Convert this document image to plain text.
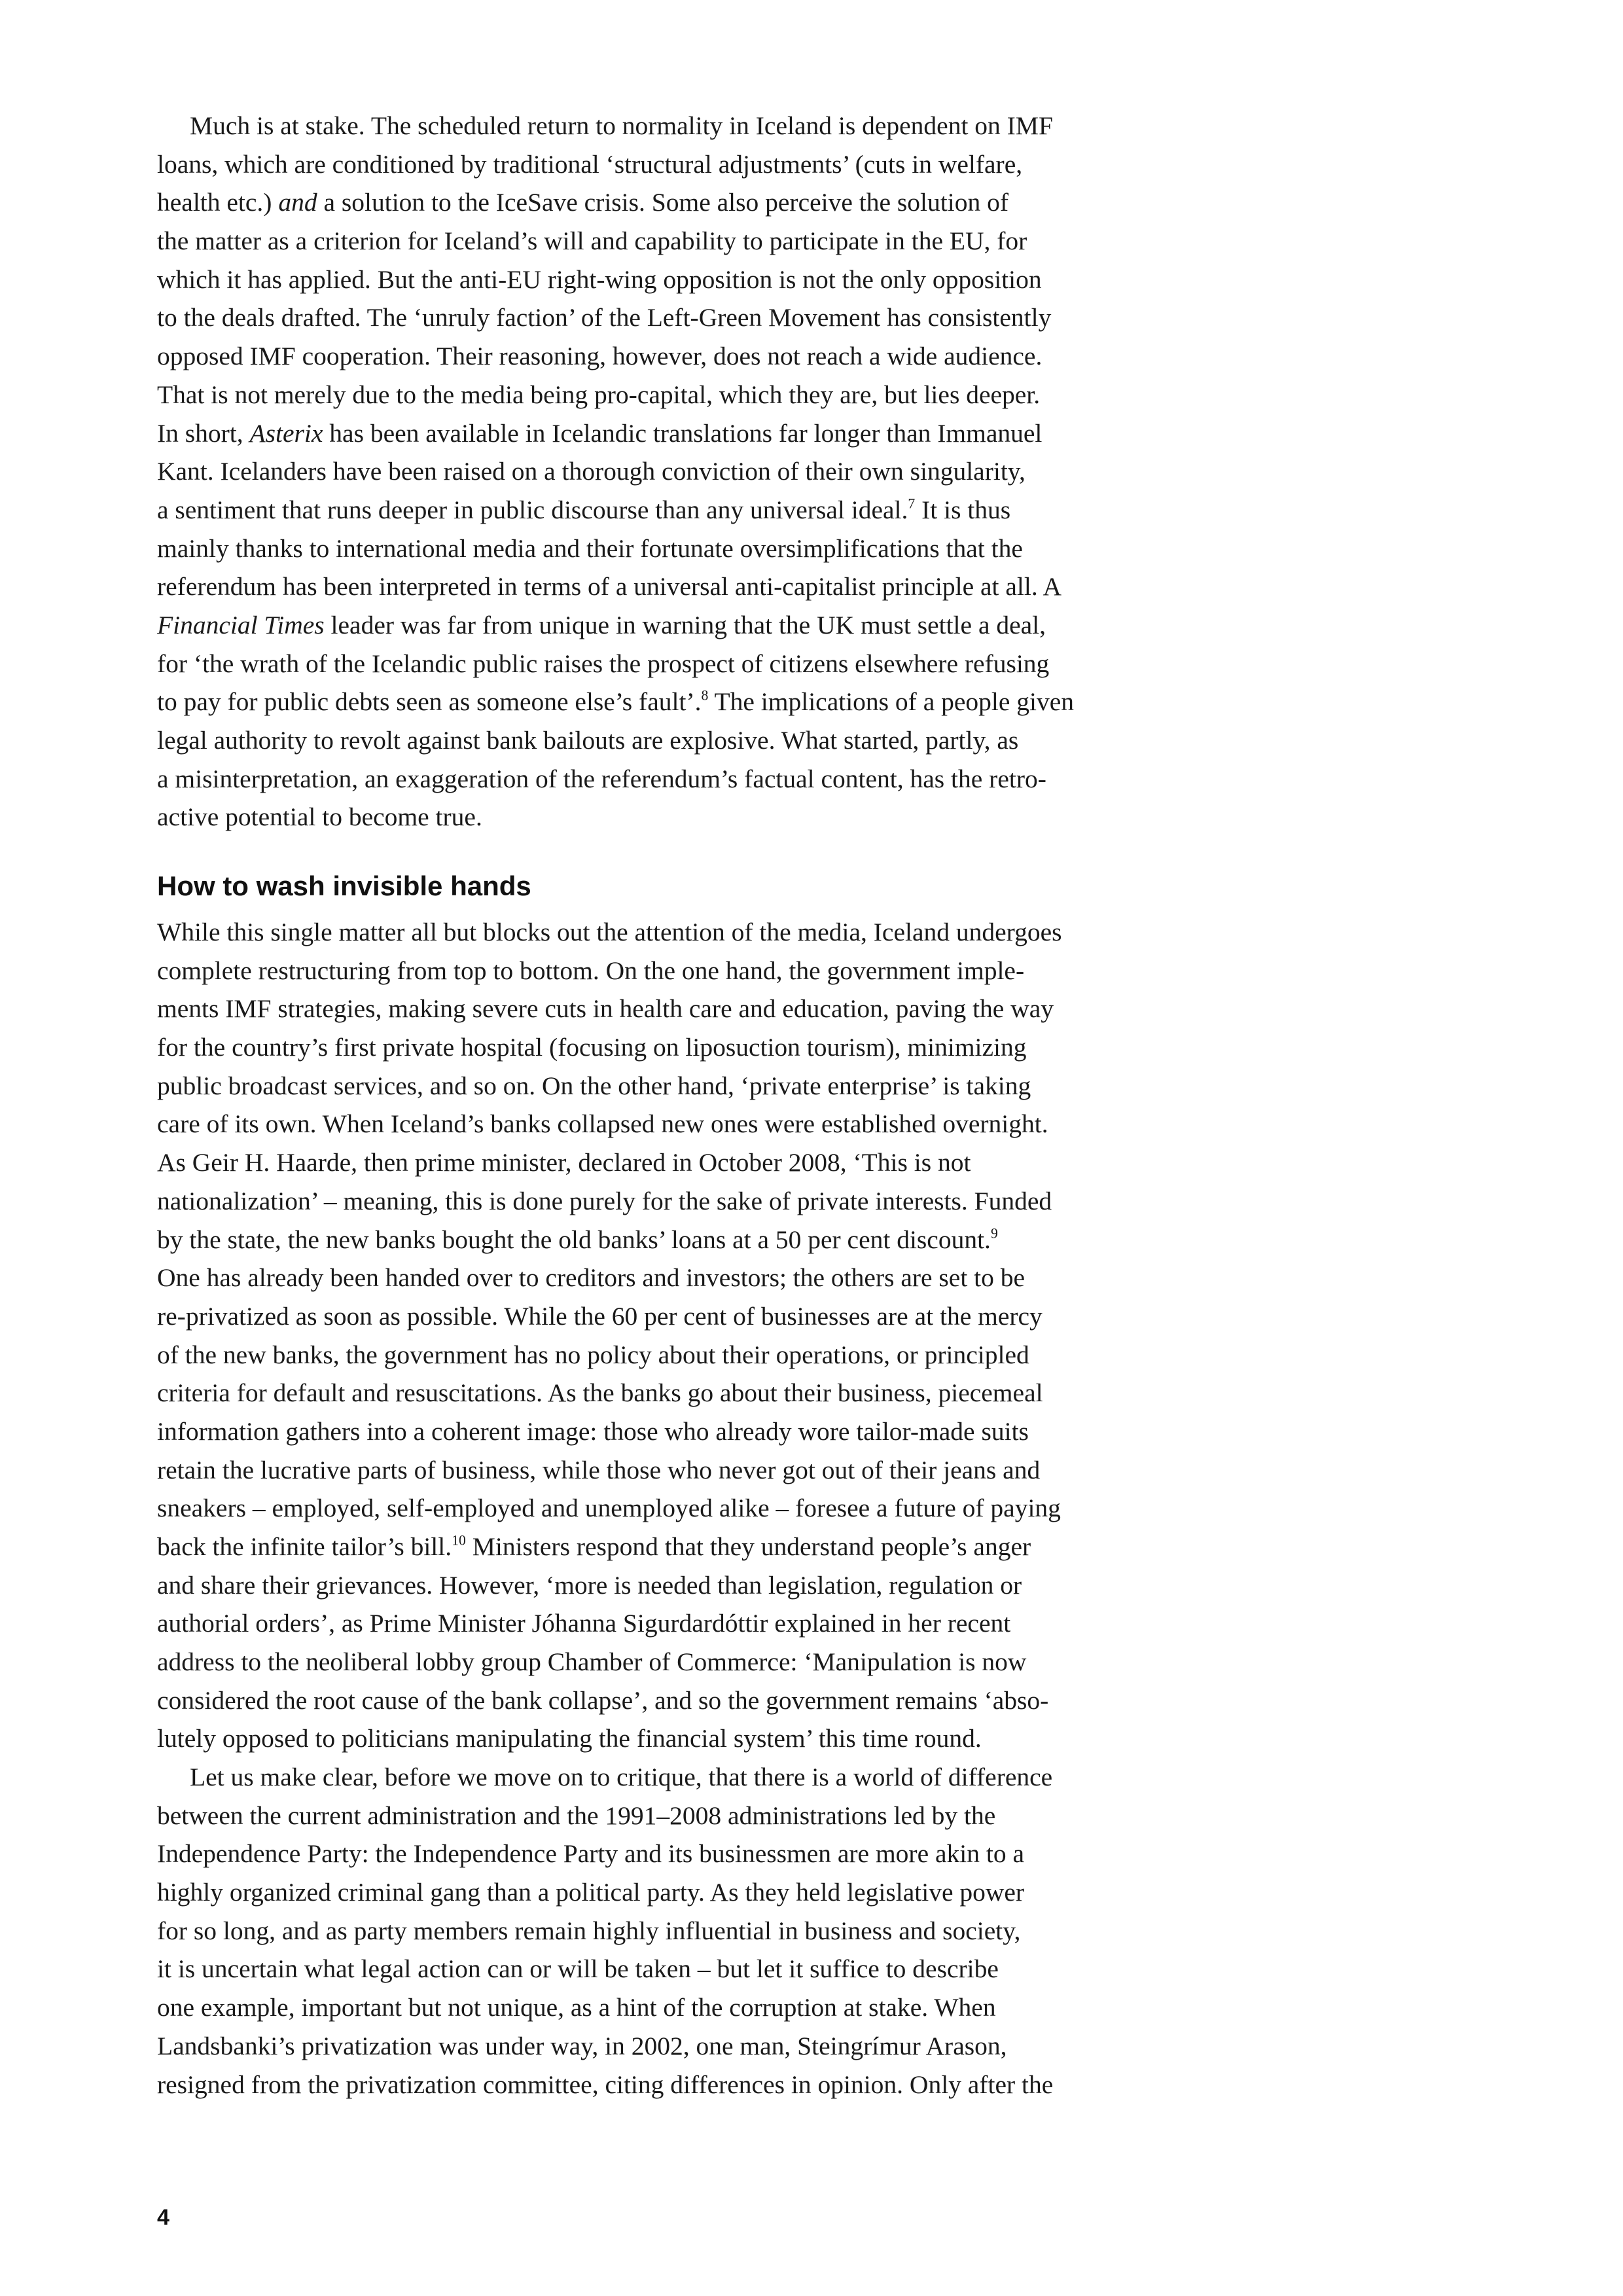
Much is at stake. The scheduled return to normality in Iceland is dependent on IMF
loans, which are conditioned by traditional ‘structural adjustments’ (cuts in welfare,
health etc.) and a solution to the IceSave crisis. Some also perceive the solution of
the matter as a criterion for Iceland’s will and capability to participate in the EU, for
which it has applied. But the anti-EU right-wing opposition is not the only opposition
to the deals drafted. The ‘unruly faction’ of the Left-Green Movement has consistently
opposed IMF cooperation. Their reasoning, however, does not reach a wide audience.
That is not merely due to the media being pro-capital, which they are, but lies deeper.
In short, Asterix has been available in Icelandic translations far longer than Immanuel
Kant. Icelanders have been raised on a thorough conviction of their own singularity,
a sentiment that runs deeper in public discourse than any universal ideal.$^7$ It is thus
mainly thanks to international media and their fortunate oversimplifications that the
referendum has been interpreted in terms of a universal anti-capitalist principle at all. A
Financial Times leader was far from unique in warning that the UK must settle a deal,
for ‘the wrath of the Icelandic public raises the prospect of citizens elsewhere refusing
to pay for public debts seen as someone else’s fault’.$^8$ The implications of a people given
legal authority to revolt against bank bailouts are explosive. What started, partly, as
a misinterpretation, an exaggeration of the referendum’s factual content, has the retro-
active potential to become true.
How to wash invisible hands
While this single matter all but blocks out the attention of the media, Iceland undergoes
complete restructuring from top to bottom. On the one hand, the government imple-
ments IMF strategies, making severe cuts in health care and education, paving the way
for the country’s first private hospital (focusing on liposuction tourism), minimizing
public broadcast services, and so on. On the other hand, ‘private enterprise’ is taking
care of its own. When Iceland’s banks collapsed new ones were established overnight.
As Geir H. Haarde, then prime minister, declared in October 2008, ‘This is not
nationalization’ – meaning, this is done purely for the sake of private interests. Funded
by the state, the new banks bought the old banks’ loans at a 50 per cent discount.$^9$
One has already been handed over to creditors and investors; the others are set to be
re-privatized as soon as possible. While the 60 per cent of businesses are at the mercy
of the new banks, the government has no policy about their operations, or principled
criteria for default and resuscitations. As the banks go about their business, piecemeal
information gathers into a coherent image: those who already wore tailor-made suits
retain the lucrative parts of business, while those who never got out of their jeans and
sneakers – employed, self-employed and unemployed alike – foresee a future of paying
back the infinite tailor’s bill.$^{10}$ Ministers respond that they understand people’s anger
and share their grievances. However, ‘more is needed than legislation, regulation or
authorial orders’, as Prime Minister Jóhanna Sigurdardóttir explained in her recent
address to the neoliberal lobby group Chamber of Commerce: ‘Manipulation is now
considered the root cause of the bank collapse’, and so the government remains ‘abso-
lutely opposed to politicians manipulating the financial system’ this time round.
Let us make clear, before we move on to critique, that there is a world of difference
between the current administration and the 1991–2008 administrations led by the
Independence Party: the Independence Party and its businessmen are more akin to a
highly organized criminal gang than a political party. As they held legislative power
for so long, and as party members remain highly influential in business and society,
it is uncertain what legal action can or will be taken – but let it suffice to describe
one example, important but not unique, as a hint of the corruption at stake. When
Landsbanki’s privatization was under way, in 2002, one man, Steingrímur Arason,
resigned from the privatization committee, citing differences in opinion. Only after the
4
